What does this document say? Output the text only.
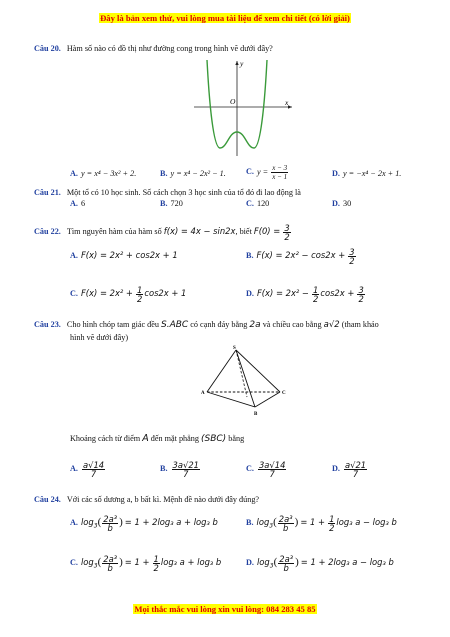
Đây là bản xem thử, vui lòng mua tài liệu để xem chi tiết (có lời giải)
Câu 20. Hàm số nào có đồ thị như đường cong trong hình vẽ dưới đây?
y
x
O
A. y = x⁴ − 3x² + 2.	B. y = x⁴ − 2x² − 1. C. $y = \frac{x - 3}{x - 1}$	D. y = −x⁴ − 2x + 1.
Câu 21. Một tổ có 10 học sinh. Số cách chọn 3 học sinh của tổ đó đi lao động là
A. 6	B. 720	C. 120	D. 30
Câu 22. Tìm nguyên hàm của hàm số f(x) = 4x − sin2x, biết $F(0) = \frac{3}{2}$
A. F(x) = 2x² + cos2x + 1	B. $F(x) = 2x^2 - \cos 2x + \frac{3}{2}$
C. $F(x) = 2x^2 + \frac{1}{2} \cos 2x + 1$	D. $F(x) = 2x^2 - \frac{1}{2} \cos 2x + \frac{3}{2}$
Câu 23. Cho hình chóp tam giác đều S.ABC có cạnh đáy bằng 2a và chiều cao bằng a√2 (tham khảo
hình vẽ dưới đây)
S
A
B
C
Khoảng cách từ điểm A đến mặt phẳng (SBC) bằng
A. $\frac{a√14}{7}$	B. $\frac{3a√21}{7}$	C. $\frac{3a√14}{7}$	D. $\frac{a√21}{7}$
Câu 24. Với các số dương a, b bất kì. Mệnh đề nào dưới đây đúng?
A. $\log_3( \frac{\text{2a³}}{b}$ ) = 1 + 2log₃ a + log₃ b	B. $\log_3( \frac{\text{2a³}}{b}$ ) = $1 + \frac{1}{2} \log_3$ a − log₃ b
C. $\log_3( \frac{\text{2a³}}{b}$ ) = $1 + \frac{1}{2} \log_3$ a + log₃ b	D. $\log_3( \frac{\text{2a³}}{b}$ ) = 1 + 2log₃ a − log₃ b
Mọi thắc mắc vui lòng xin vui lòng: 084 283 45 85
